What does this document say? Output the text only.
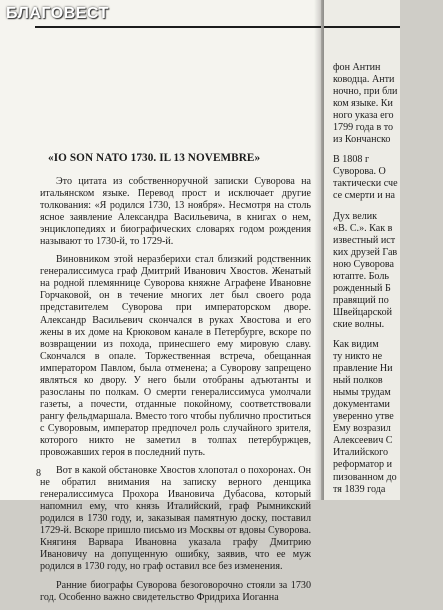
БЛАГОВЕСТ
«IO SON NATO 1730. IL 13 NOVEMBRE»

Это цитата из собственноручной записки Суворова на итальянском языке. Перевод прост и исключает другие толкования: «Я родился 1730, 13 ноября». Несмотря на столь ясное заявление Александра Васильевича, в книгах о нем, энциклопедиях и биографических словарях годом рождения называют то 1730-й, то 1729-й.

Виновником этой неразберихи стал близкий родственник генералиссимуса граф Дмитрий Иванович Хвостов. Женатый на родной племяннице Суворова княжне Аграфене Ивановне Горчаковой, он в течение многих лет был своего рода представителем Суворова при императорском дворе. Александр Васильевич скончался в руках Хвостова и его жены в их доме на Крюковом канале в Петербурге, вскоре по возвращении из похода, принесшего ему мировую славу. Скончался в опале. Торжественная встреча, обещанная императором Павлом, была отменена; а Суворову запрещено являться ко двору. У него были отобраны адъютанты и разосланы по полкам. О смерти генералиссимуса умолчали газеты, а почести, отданные покойному, соответствовали рангу фельдмаршала. Вместо того чтобы публично проститься с Суворовым, император предпочел роль случайного зрителя, которого никто не заметил в толпах петербуржцев, провожавших героя в последний путь.

Вот в какой обстановке Хвостов хлопотал о похоронах. Он не обратил внимания на записку верного денщика генералиссимуса Прохора Ивановича Дубасова, который напомнил ему, что князь Италийский, граф Рымникский родился в 1730 году, и, заказывая памятную доску, поставил 1729-й. Вскоре пришло письмо из Москвы от вдовы Суворова. Княгиня Варвара Ивановна указала графу Дмитрию Ивановичу на допущенную ошибку, заявив, что ее муж родился в 1730 году, но граф оставил все без изменения.

Ранние биографы Суворова безоговорочно стояли за 1730 год. Особенно важно свидетельство Фридриха Иоганна

8
фон Антин
ководца. Анти
ночно, при бли
ком языке. Ки
ного указа его
1799 года в то
из Кончанско
В 1808 г
Суворова. О
тактически сче
се смерти и на
Дух велик
«В. С.». Как в
известный ист
ких друзей Гав
ною Суворова
ютапте. Боль
рожденный Б
правящий по
Швейцарской
ские волны.
Как видим
ту никто не
правление Ни
ный полков
нымы трудам
документами
уверенно утве
Ему возразил
Алексеевич С
Италийского
реформатор и
пизованном до
тя 1839 года
